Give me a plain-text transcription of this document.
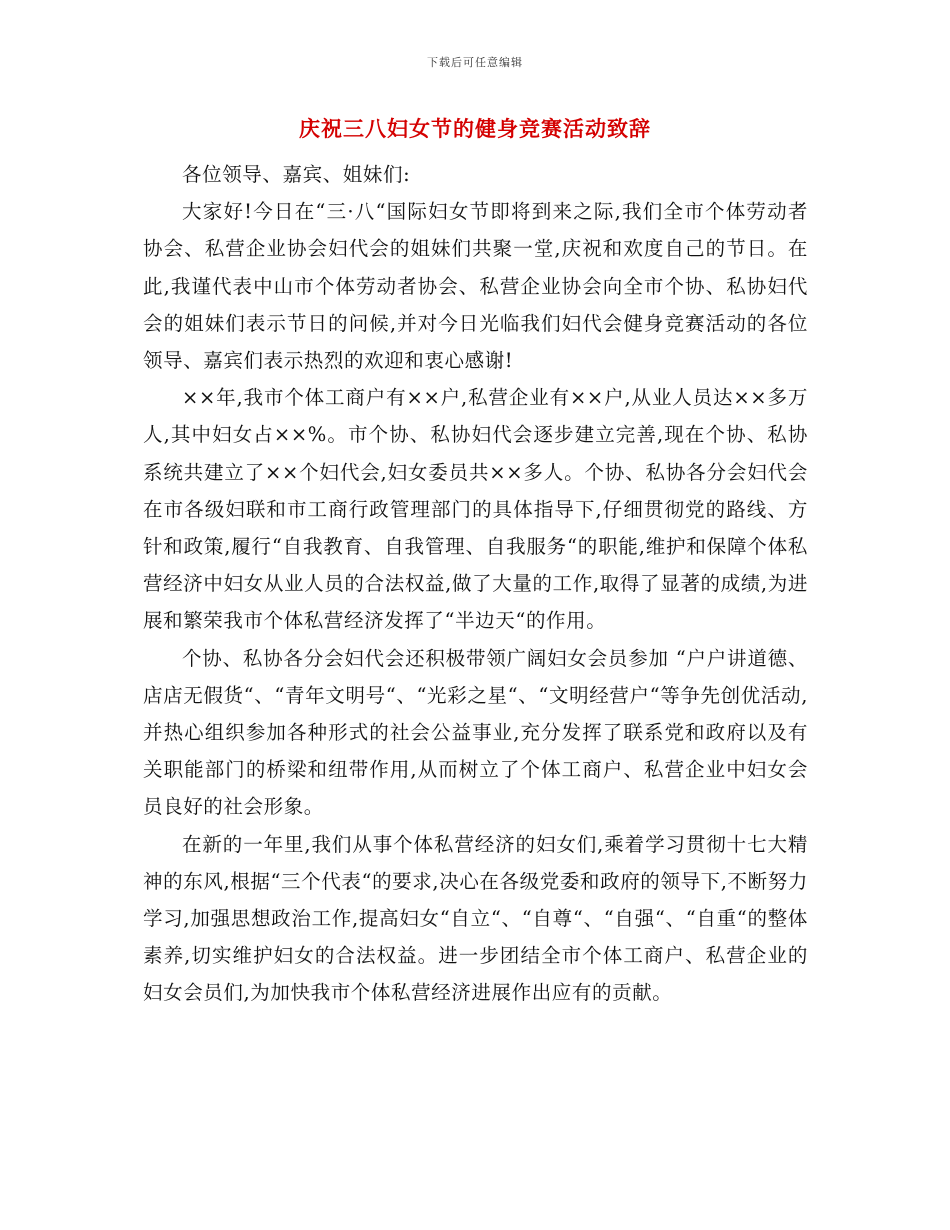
下载后可任意编辑
庆祝三八妇女节的健身竞赛活动致辞

各位领导、嘉宾、姐妹们:

大家好!今日在“三·八“国际妇女节即将到来之际,我们全市个体劳动者协会、私营企业协会妇代会的姐妹们共聚一堂,庆祝和欢度自己的节日。在此,我谨代表中山市个体劳动者协会、私营企业协会向全市个协、私协妇代会的姐妹们表示节日的问候,并对今日光临我们妇代会健身竞赛活动的各位领导、嘉宾们表示热烈的欢迎和衷心感谢!

××年,我市个体工商户有××户,私营企业有××户,从业人员达××多万人,其中妇女占××%。市个协、私协妇代会逐步建立完善,现在个协、私协系统共建立了××个妇代会,妇女委员共××多人。个协、私协各分会妇代会在市各级妇联和市工商行政管理部门的具体指导下,仔细贯彻党的路线、方针和政策,履行“自我教育、自我管理、自我服务“的职能,维护和保障个体私营经济中妇女从业人员的合法权益,做了大量的工作,取得了显著的成绩,为进展和繁荣我市个体私营经济发挥了“半边天“的作用。

个协、私协各分会妇代会还积极带领广阔妇女会员参加 “户户讲道德、店店无假货“、“青年文明号“、“光彩之星“、“文明经营户“等争先创优活动,并热心组织参加各种形式的社会公益事业,充分发挥了联系党和政府以及有关职能部门的桥梁和纽带作用,从而树立了个体工商户、私营企业中妇女会员良好的社会形象。

在新的一年里,我们从事个体私营经济的妇女们,乘着学习贯彻十七大精神的东风,根据“三个代表“的要求,决心在各级党委和政府的领导下,不断努力学习,加强思想政治工作,提高妇女“自立“、“自尊“、“自强“、“自重“的整体素养,切实维护妇女的合法权益。进一步团结全市个体工商户、私营企业的妇女会员们,为加快我市个体私营经济进展作出应有的贡献。
